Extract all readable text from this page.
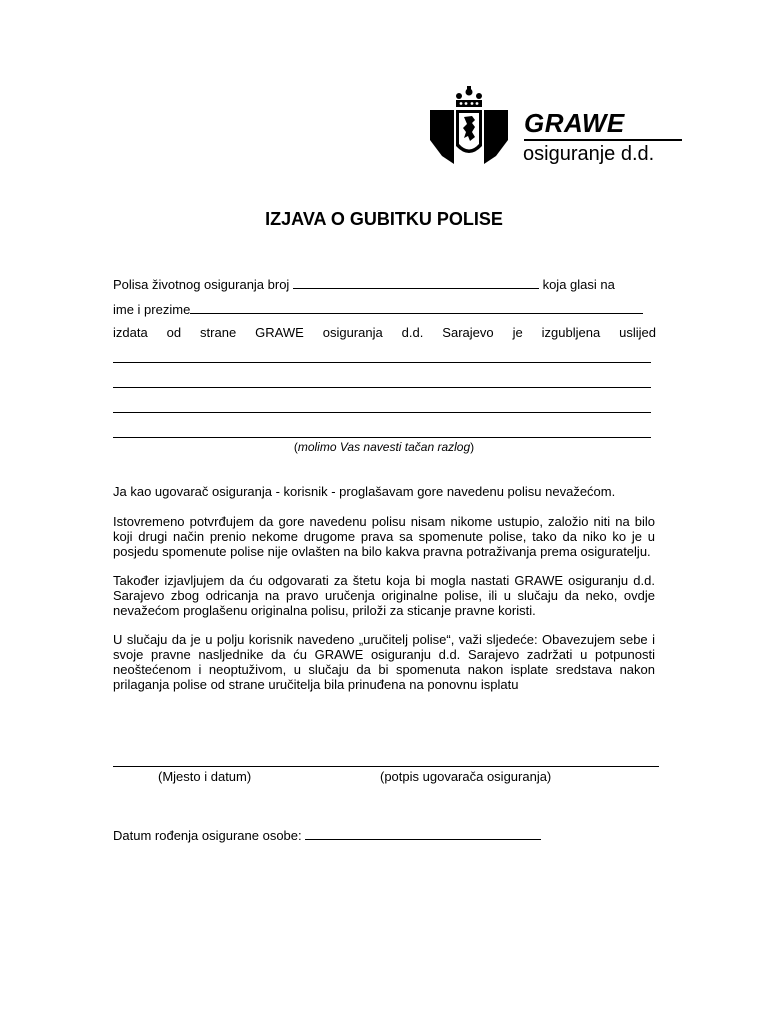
GRAWE
osiguranje d.d.
IZJAVA O GUBITKU POLISE
Polisa životnog osiguranja broj	koja glasi na
ime i prezime
izdata od strane GRAWE osiguranja d.d. Sarajevo je izgubljena uslijed
(molimo Vas navesti tačan razlog)
Ja kao ugovarač osiguranja - korisnik - proglašavam gore navedenu polisu nevažećom.
Istovremeno potvrđujem da gore navedenu polisu nisam nikome ustupio, založio niti na bilo koji drugi način prenio nekome drugome prava sa spomenute polise, tako da niko ko je u posjedu spomenute polise nije ovlašten na bilo kakva pravna potraživanja prema osiguratelju.
Također izjavljujem da ću odgovarati za štetu koja bi mogla nastati GRAWE osiguranju d.d. Sarajevo zbog odricanja na pravo uručenja originalne polise, ili u slučaju da neko, ovdje nevažećom proglašenu originalna polisu, priloži za sticanje pravne koristi.
U slučaju da je u polju korisnik navedeno „uručitelj polise“, važi sljedeće: Obavezujem sebe i svoje pravne nasljednike da ću GRAWE osiguranju d.d. Sarajevo zadržati u potpunosti neoštećenom i neoptuživom, u slučaju da bi spomenuta nakon isplate sredstava nakon prilaganja polise od strane uručitelja bila prinuđena na ponovnu isplatu
(Mjesto i datum)	(potpis ugovarača osiguranja)
Datum rođenja osigurane osobe:
